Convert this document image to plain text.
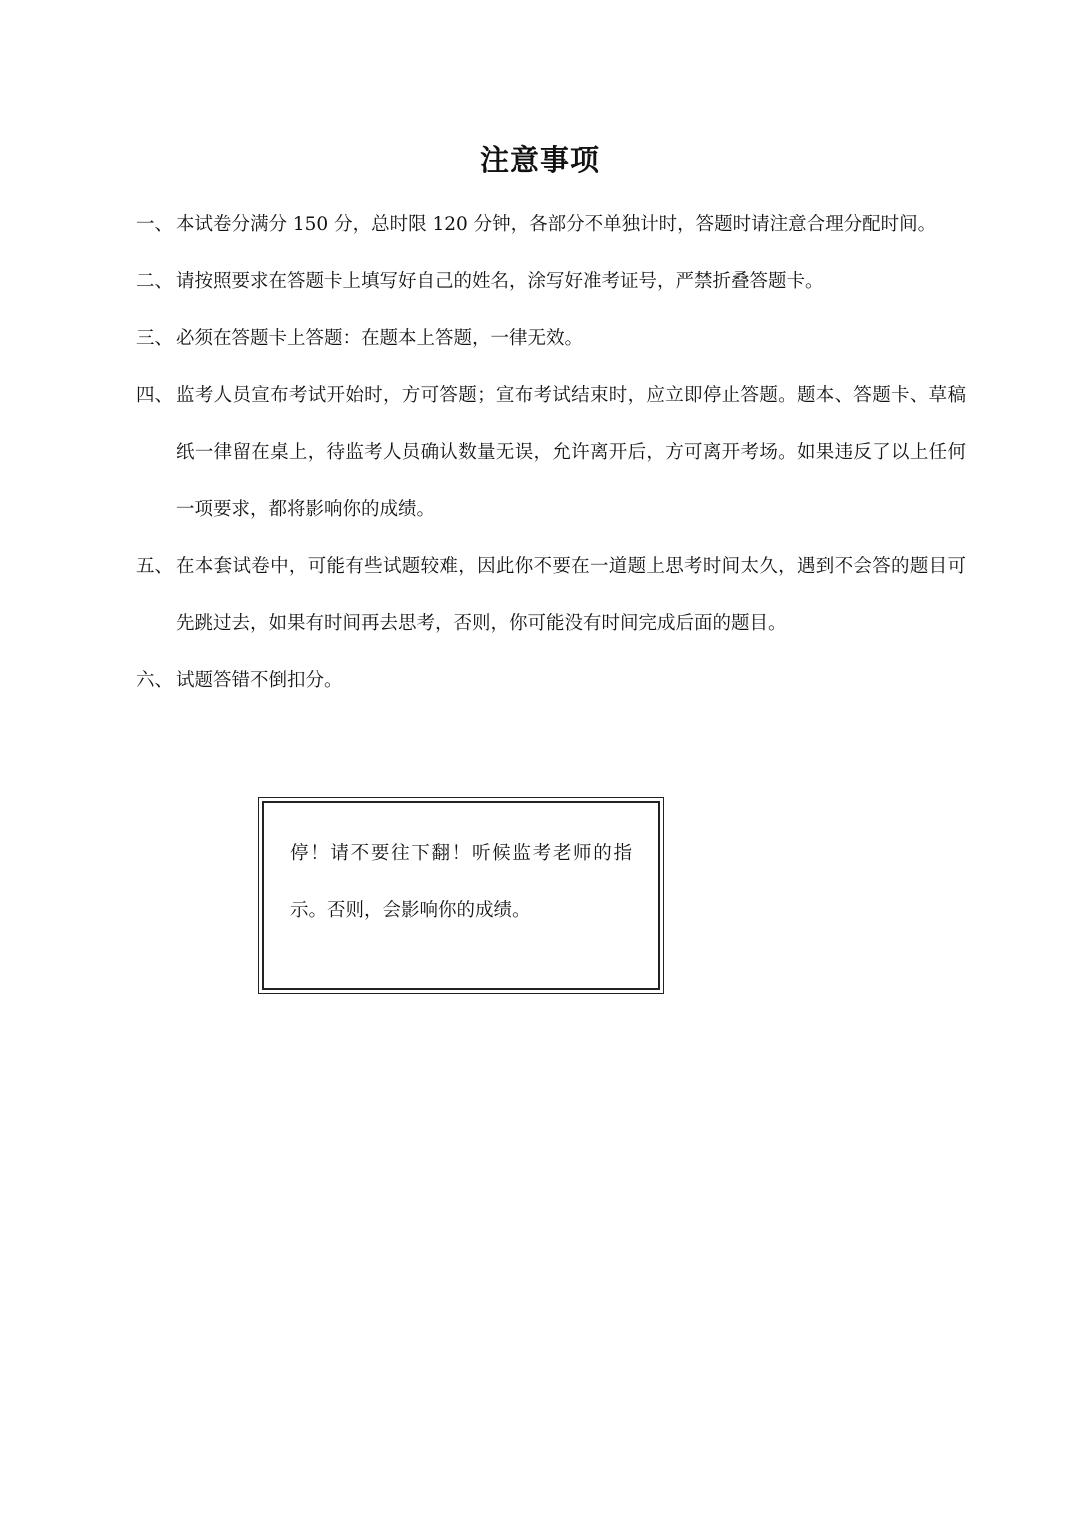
注意事项
一、 本试卷分满分 150 分，总时限 120 分钟，各部分不单独计时，答题时请注意合理分配时间。
二、 请按照要求在答题卡上填写好自己的姓名，涂写好准考证号，严禁折叠答题卡。
三、 必须在答题卡上答题：在题本上答题，一律无效。
四、 监考人员宣布考试开始时，方可答题；宣布考试结束时，应立即停止答题。题本、答题卡、草稿纸一律留在桌上，待监考人员确认数量无误，允许离开后，方可离开考场。如果违反了以上任何一项要求，都将影响你的成绩。
五、 在本套试卷中，可能有些试题较难，因此你不要在一道题上思考时间太久，遇到不会答的题目可先跳过去，如果有时间再去思考，否则，你可能没有时间完成后面的题目。
六、 试题答错不倒扣分。
停！请不要往下翻！听候监考老师的指示。否则，会影响你的成绩。
